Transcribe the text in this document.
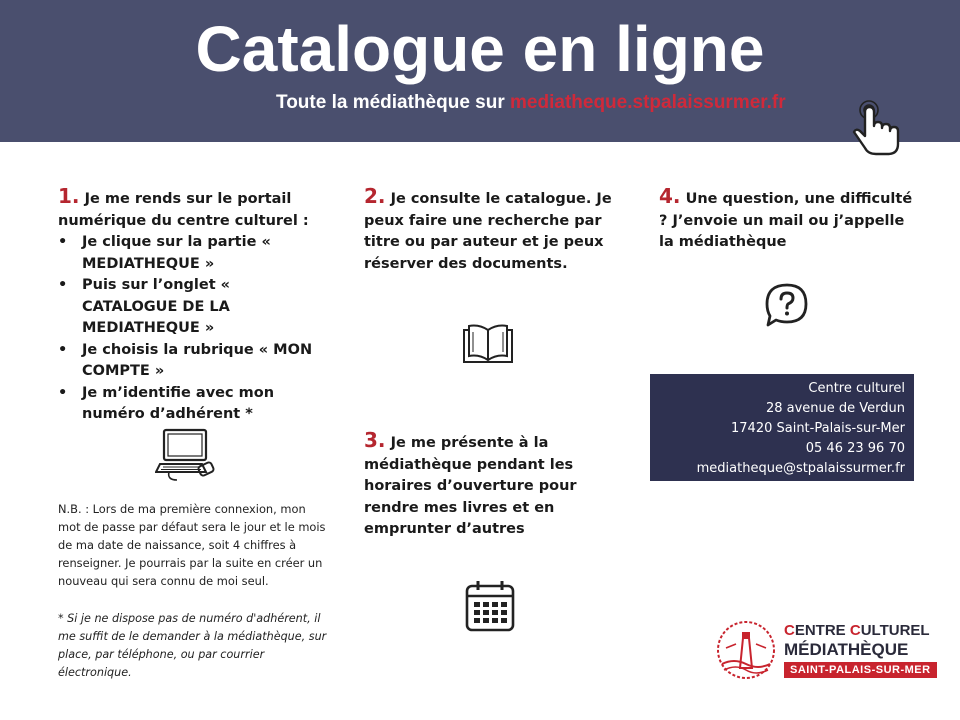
Catalogue en ligne
Toute la médiathèque sur mediatheque.stpalaissurmer.fr
1. Je me rends sur le portail numérique du centre culturel :
• Je clique sur la partie « MEDIATHEQUE »
• Puis sur l’onglet « CATALOGUE DE LA MEDIATHEQUE »
• Je choisis la rubrique « MON COMPTE »
• Je m’identifie avec mon numéro d’adhérent *
N.B. : Lors de ma première connexion, mon mot de passe par défaut sera le jour et le mois de ma date de naissance, soit 4 chiffres à renseigner. Je pourrais par la suite en créer un nouveau qui sera connu de moi seul.
* Si je ne dispose pas de numéro d'adhérent, il me suffit de le demander à la médiathèque, sur place, par téléphone, ou par courrier électronique.
2. Je consulte le catalogue. Je peux faire une recherche par titre ou par auteur et je peux réserver des documents.
3. Je me présente à la médiathèque pendant les horaires d’ouverture pour rendre mes livres et en emprunter d’autres
4. Une question, une difficulté ? J’envoie un mail ou j’appelle la médiathèque
Centre culturel
28 avenue de Verdun
17420 Saint-Palais-sur-Mer
05 46 23 96 70
mediatheque@stpalaissurmer.fr
CENTRE CULTUREL
MÉDIATHÈQUE
SAINT-PALAIS-SUR-MER
